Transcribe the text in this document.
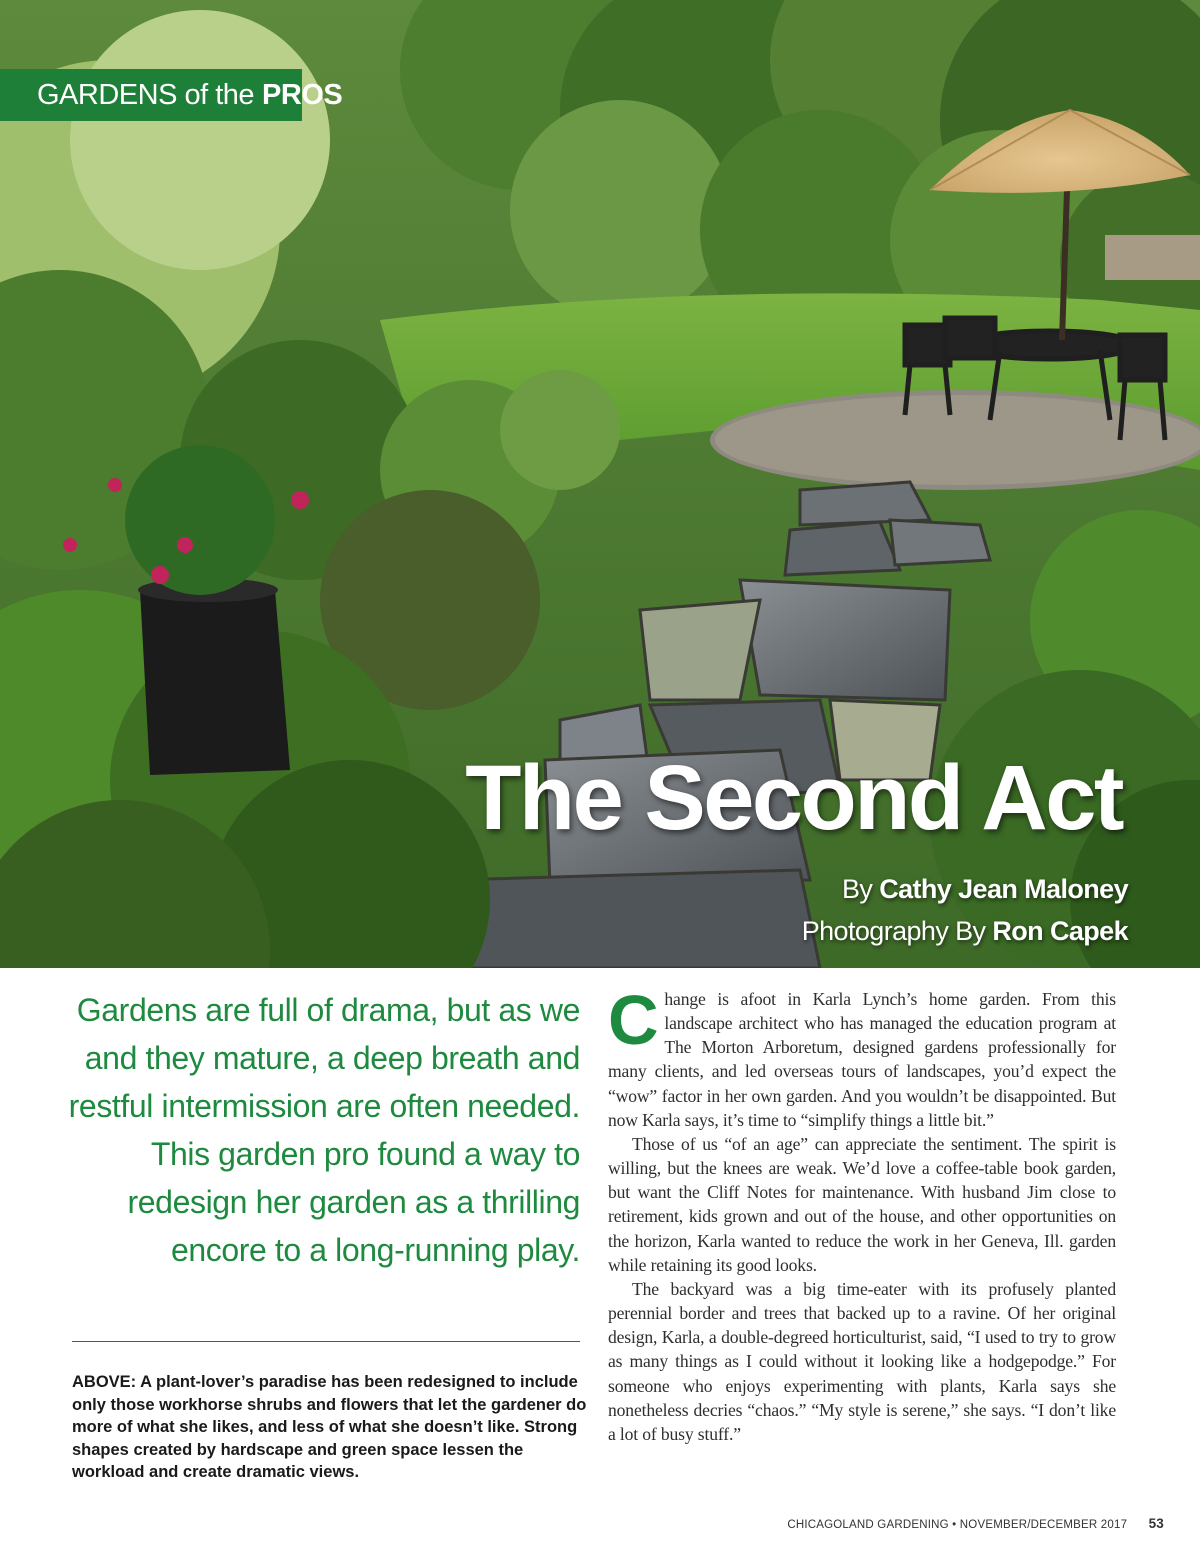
GARDENS of the PROS
The Second Act
By Cathy Jean Maloney
Photography By Ron Capek

Gardens are full of drama, but as we and they mature, a deep breath and restful intermission are often needed. This garden pro found a way to redesign her garden as a thrilling encore to a long-running play.

ABOVE: A plant-lover’s paradise has been redesigned to include only those workhorse shrubs and flowers that let the gardener do more of what she likes, and less of what she doesn’t like. Strong shapes created by hardscape and green space lessen the workload and create dramatic views.

Change is afoot in Karla Lynch’s home garden. From this landscape architect who has managed the education program at The Morton Arboretum, designed gardens professionally for many clients, and led overseas tours of landscapes, you’d expect the “wow” factor in her own garden. And you wouldn’t be disappointed. But now Karla says, it’s time to “simplify things a little bit.”

Those of us “of an age” can appreciate the sentiment. The spirit is willing, but the knees are weak. We’d love a coffee-table book garden, but want the Cliff Notes for maintenance. With husband Jim close to retirement, kids grown and out of the house, and other opportunities on the horizon, Karla wanted to reduce the work in her Geneva, Ill. garden while retaining its good looks.

The backyard was a big time-eater with its profusely planted perennial border and trees that backed up to a ravine. Of her original design, Karla, a double-degreed horticulturist, said, “I used to try to grow as many things as I could without it looking like a hodgepodge.” For someone who enjoys experimenting with plants, Karla says she nonetheless decries “chaos.” “My style is serene,” she says. “I don’t like a lot of busy stuff.”

CHICAGOLAND GARDENING • NOVEMBER/DECEMBER 2017 53
